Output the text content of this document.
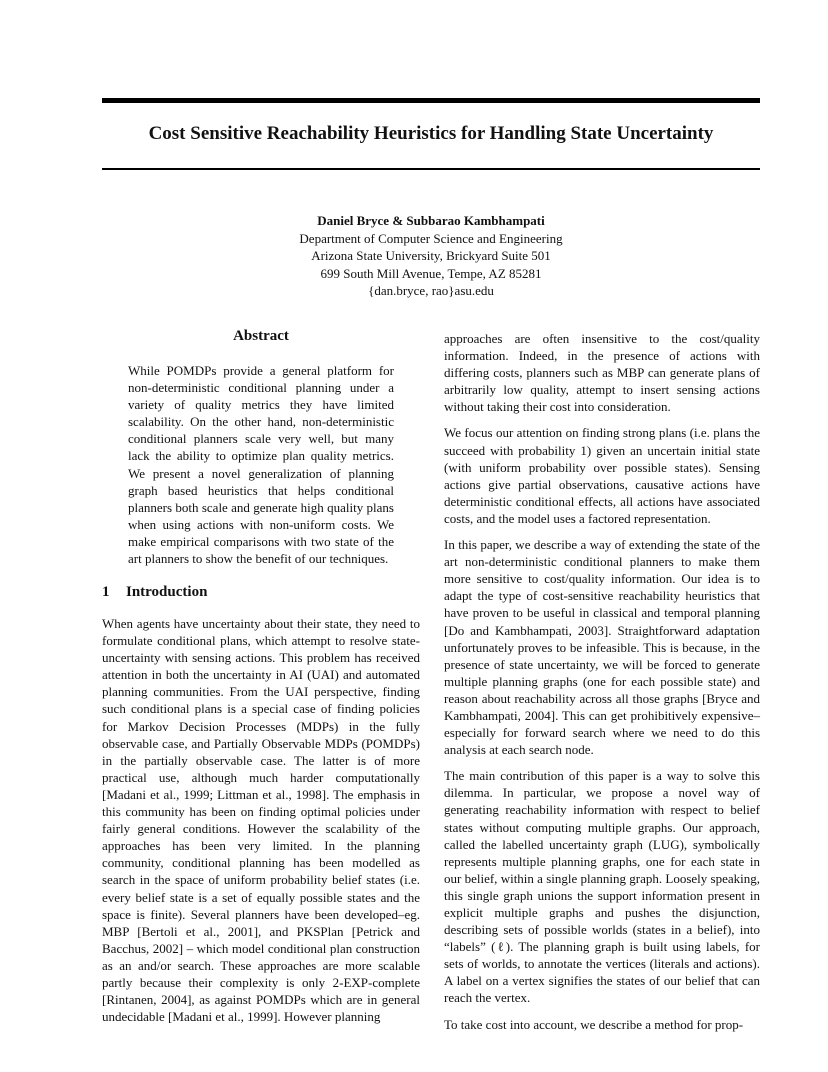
Cost Sensitive Reachability Heuristics for Handling State Uncertainty
Daniel Bryce & Subbarao Kambhampati
Department of Computer Science and Engineering
Arizona State University, Brickyard Suite 501
699 South Mill Avenue, Tempe, AZ 85281
{dan.bryce, rao}asu.edu
Abstract

While POMDPs provide a general platform for non-deterministic conditional planning under a variety of quality metrics they have limited scalability. On the other hand, non-deterministic conditional planners scale very well, but many lack the ability to optimize plan quality metrics. We present a novel generalization of planning graph based heuristics that helps conditional planners both scale and generate high quality plans when using actions with non-uniform costs. We make empirical comparisons with two state of the art planners to show the benefit of our techniques.

1 Introduction

When agents have uncertainty about their state, they need to formulate conditional plans, which attempt to resolve state-uncertainty with sensing actions. This problem has received attention in both the uncertainty in AI (UAI) and automated planning communities. From the UAI perspective, finding such conditional plans is a special case of finding policies for Markov Decision Processes (MDPs) in the fully observable case, and Partially Observable MDPs (POMDPs) in the partially observable case. The latter is of more practical use, although much harder computationally [Madani et al., 1999; Littman et al., 1998]. The emphasis in this community has been on finding optimal policies under fairly general conditions. However the scalability of the approaches has been very limited. In the planning community, conditional planning has been modelled as search in the space of uniform probability belief states (i.e. every belief state is a set of equally possible states and the space is finite). Several planners have been developed–eg. MBP [Bertoli et al., 2001], and PKSPlan [Petrick and Bacchus, 2002] – which model conditional plan construction as an and/or search. These approaches are more scalable partly because their complexity is only 2-EXP-complete [Rintanen, 2004], as against POMDPs which are in general undecidable [Madani et al., 1999]. However planning

approaches are often insensitive to the cost/quality information. Indeed, in the presence of actions with differing costs, planners such as MBP can generate plans of arbitrarily low quality, attempt to insert sensing actions without taking their cost into consideration.

We focus our attention on finding strong plans (i.e. plans the succeed with probability 1) given an uncertain initial state (with uniform probability over possible states). Sensing actions give partial observations, causative actions have deterministic conditional effects, all actions have associated costs, and the model uses a factored representation.

In this paper, we describe a way of extending the state of the art non-deterministic conditional planners to make them more sensitive to cost/quality information. Our idea is to adapt the type of cost-sensitive reachability heuristics that have proven to be useful in classical and temporal planning [Do and Kambhampati, 2003]. Straightforward adaptation unfortunately proves to be infeasible. This is because, in the presence of state uncertainty, we will be forced to generate multiple planning graphs (one for each possible state) and reason about reachability across all those graphs [Bryce and Kambhampati, 2004]. This can get prohibitively expensive–especially for forward search where we need to do this analysis at each search node.

The main contribution of this paper is a way to solve this dilemma. In particular, we propose a novel way of generating reachability information with respect to belief states without computing multiple graphs. Our approach, called the labelled uncertainty graph (LUG), symbolically represents multiple planning graphs, one for each state in our belief, within a single planning graph. Loosely speaking, this single graph unions the support information present in explicit multiple graphs and pushes the disjunction, describing sets of possible worlds (states in a belief), into “labels” (ℓ). The planning graph is built using labels, for sets of worlds, to annotate the vertices (literals and actions). A label on a vertex signifies the states of our belief that can reach the vertex.

To take cost into account, we describe a method for prop-
